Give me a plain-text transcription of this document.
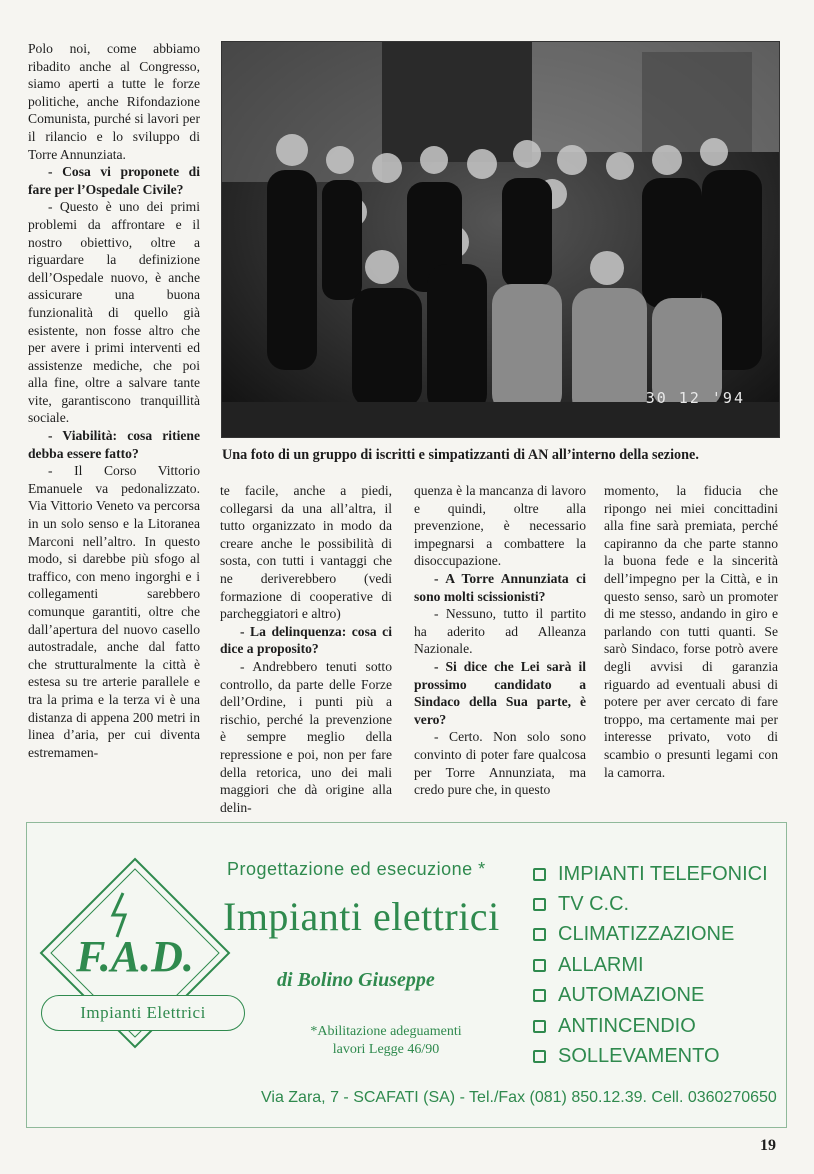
Polo noi, come abbiamo ribadito anche al Congresso, siamo aperti a tutte le forze politiche, anche Rifondazione Comunista, purché si lavori per il rilancio e lo sviluppo di Torre Annunziata.

- Cosa vi proponete di fare per l’Ospedale Civile?

- Questo è uno dei primi problemi da affrontare e il nostro obiettivo, oltre a riguardare la definizione dell’Ospedale nuovo, è anche assicurare una buona funzionalità di quello già esistente, non fosse altro che per avere i primi interventi ed assistenze mediche, che poi alla fine, oltre a salvare tante vite, garantiscono tranquillità sociale.

- Viabilità: cosa ritiene debba essere fatto?

- Il Corso Vittorio Emanuele va pedonalizzato. Via Vittorio Veneto va percorsa in un solo senso e la Litoranea Marconi nell’altro. In questo modo, si darebbe più sfogo al traffico, con meno ingorghi e i collegamenti sarebbero comunque garantiti, oltre che dall’apertura del nuovo casello autostradale, anche dal fatto che strutturalmente la città è estesa su tre arterie parallele e tra la prima e la terza vi è una distanza di appena 200 metri in linea d’aria, per cui diventa estremamen-

30 12 '94
Una foto di un gruppo di iscritti e simpatizzanti di AN all’interno della sezione.

te facile, anche a piedi, collegarsi da una all’altra, il tutto organizzato in modo da creare anche le possibilità di sosta, con tutti i vantaggi che ne deriverebbero (vedi formazione di cooperative di parcheggiatori e altro)

- La delinquenza: cosa ci dice a proposito?

- Andrebbero tenuti sotto controllo, da parte delle Forze dell’Ordine, i punti più a rischio, perché la prevenzione è sempre meglio della repressione e poi, non per fare della retorica, uno dei mali maggiori che dà origine alla delin-

quenza è la mancanza di lavoro e quindi, oltre alla prevenzione, è necessario impegnarsi a combattere la disoccupazione.

- A Torre Annunziata ci sono molti scissionisti?

- Nessuno, tutto il partito ha aderito ad Alleanza Nazionale.

- Si dice che Lei sarà il prossimo candidato a Sindaco della Sua parte, è vero?

- Certo. Non solo sono convinto di poter fare qualcosa per Torre Annunziata, ma credo pure che, in questo

momento, la fiducia che ripongo nei miei concittadini alla fine sarà premiata, perché capiranno da che parte stanno la buona fede e la sincerità dell’impegno per la Città, e in questo senso, sarò un promoter di me stesso, andando in giro e parlando con tutti quanti. Se sarò Sindaco, forse potrò avere degli avvisi di garanzia riguardo ad eventuali abusi di potere per aver cercato di fare troppo, ma certamente mai per interesse privato, voto di scambio o presunti legami con la camorra.

F.A.D.
Impianti Elettrici
Progettazione ed esecuzione *
Impianti elettrici
di Bolino Giuseppe
*Abilitazione adeguamenti
lavori Legge 46/90
IMPIANTI TELEFONICI
TV C.C.
CLIMATIZZAZIONE
ALLARMI
AUTOMAZIONE
ANTINCENDIO
SOLLEVAMENTO
Via Zara, 7 - SCAFATI (SA) - Tel./Fax (081) 850.12.39. Cell. 0360270650
19
